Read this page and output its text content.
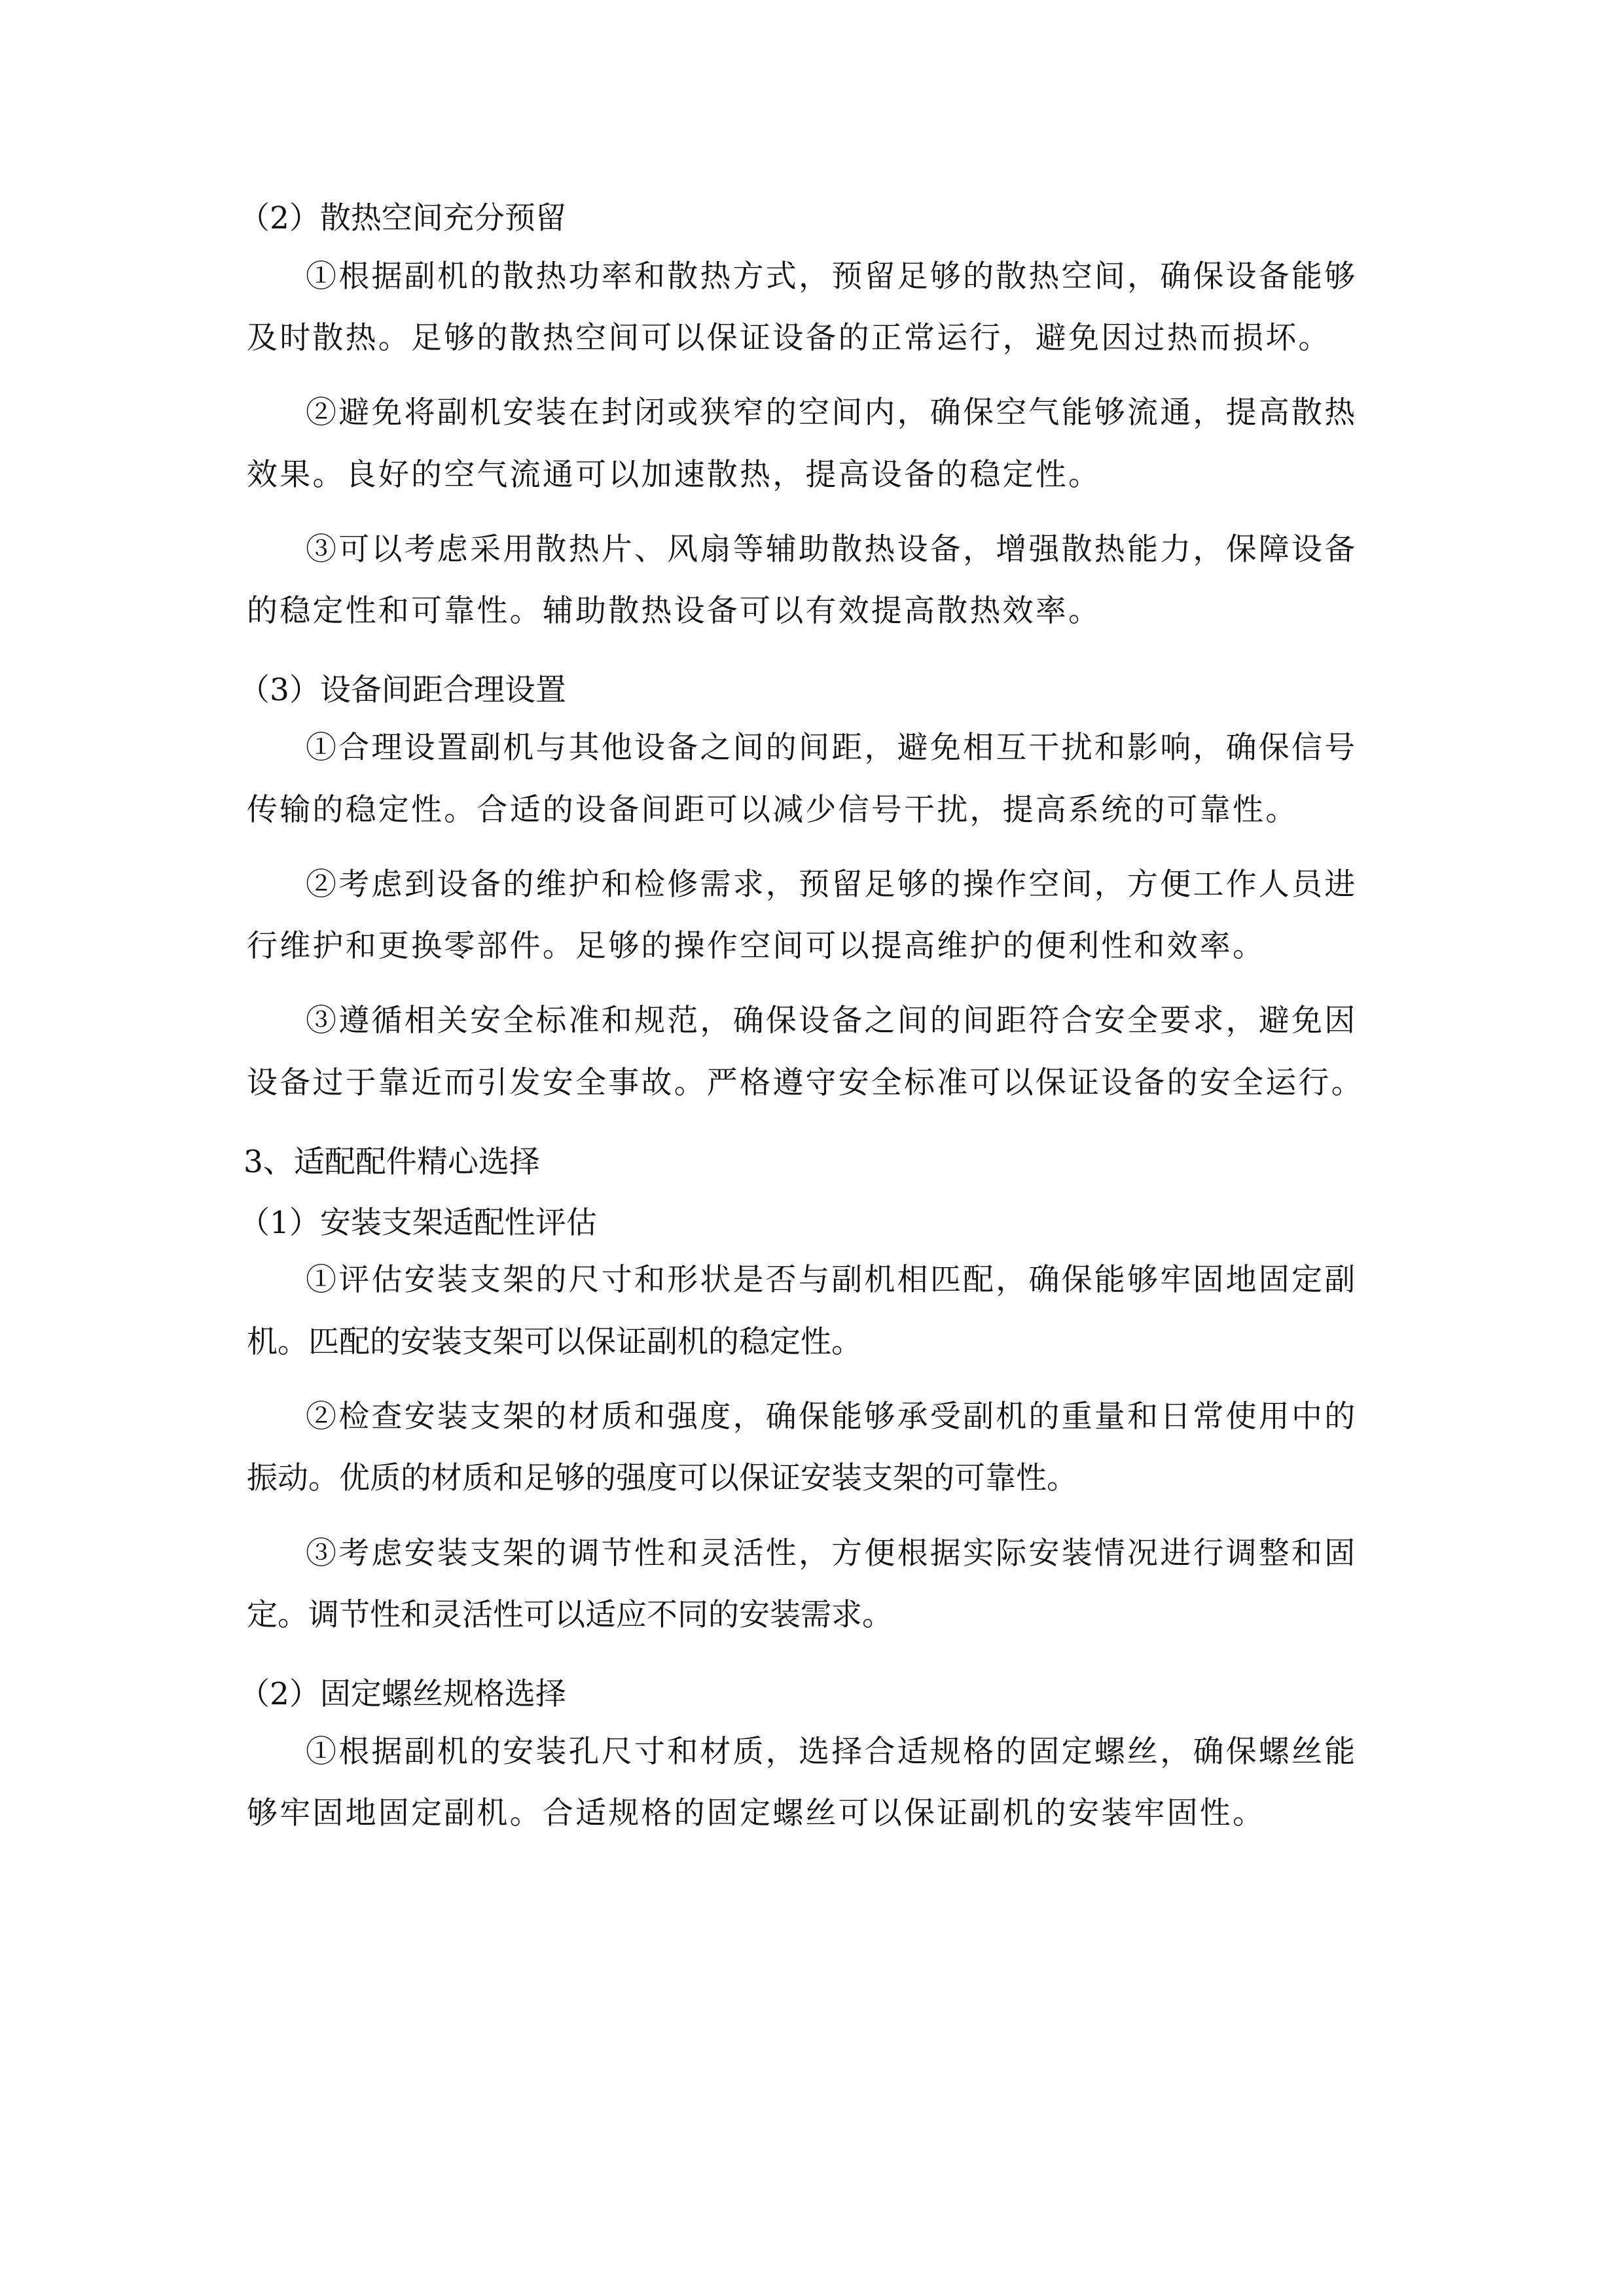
（2）散热空间充分预留
①根据副机的散热功率和散热方式，预留足够的散热空间，确保设备能够
及时散热。足够的散热空间可以保证设备的正常运行，避免因过热而损坏。
②避免将副机安装在封闭或狭窄的空间内，确保空气能够流通，提高散热
效果。良好的空气流通可以加速散热，提高设备的稳定性。
③可以考虑采用散热片、风扇等辅助散热设备，增强散热能力，保障设备
的稳定性和可靠性。辅助散热设备可以有效提高散热效率。
（3）设备间距合理设置
①合理设置副机与其他设备之间的间距，避免相互干扰和影响，确保信号
传输的稳定性。合适的设备间距可以减少信号干扰，提高系统的可靠性。
②考虑到设备的维护和检修需求，预留足够的操作空间，方便工作人员进
行维护和更换零部件。足够的操作空间可以提高维护的便利性和效率。
③遵循相关安全标准和规范，确保设备之间的间距符合安全要求，避免因
设备过于靠近而引发安全事故。严格遵守安全标准可以保证设备的安全运行。
3、适配配件精心选择
（1）安装支架适配性评估
①评估安装支架的尺寸和形状是否与副机相匹配，确保能够牢固地固定副
机。匹配的安装支架可以保证副机的稳定性。
②检查安装支架的材质和强度，确保能够承受副机的重量和日常使用中的
振动。优质的材质和足够的强度可以保证安装支架的可靠性。
③考虑安装支架的调节性和灵活性，方便根据实际安装情况进行调整和固
定。调节性和灵活性可以适应不同的安装需求。
（2）固定螺丝规格选择
①根据副机的安装孔尺寸和材质，选择合适规格的固定螺丝，确保螺丝能
够牢固地固定副机。合适规格的固定螺丝可以保证副机的安装牢固性。
